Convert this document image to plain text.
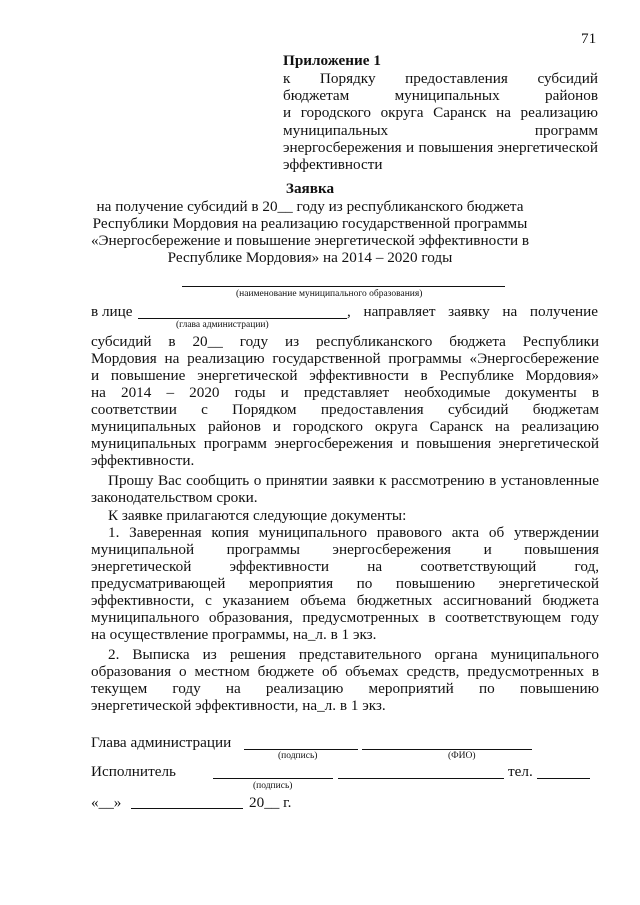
71
Приложение 1
к Порядку предоставления субсидий
бюджетам муниципальных районов
и городского округа Саранск на реализацию
муниципальных программ
энергосбережения и повышения энергетической
эффективности
Заявка
на получение субсидий в 20__ году из республиканского бюджета
Республики Мордовия на реализацию государственной программы
«Энергосбережение и повышение энергетической эффективности в
Республике Мордовия» на 2014 – 2020 годы
(наименование муниципального образования)
в лице	, направляет заявку на получение
(глава администрации)
субсидий в 20__ году из республиканского бюджета Республики
Мордовия на реализацию государственной программы «Энергосбережение
и повышение энергетической эффективности в Республике Мордовия»
на 2014 – 2020 годы и представляет необходимые документы в
соответствии с Порядком предоставления субсидий бюджетам
муниципальных районов и городского округа Саранск на реализацию
муниципальных программ энергосбережения и повышения энергетической
эффективности.
Прошу Вас сообщить о принятии заявки к рассмотрению в установленные
законодательством сроки.
К заявке прилагаются следующие документы:
1. Заверенная копия муниципального правового акта об утверждении
муниципальной программы энергосбережения и повышения
энергетической эффективности на соответствующий год,
предусматривающей мероприятия по повышению энергетической
эффективности, с указанием объема бюджетных ассигнований бюджета
муниципального образования, предусмотренных в соответствующем году
на осуществление программы, на_л. в 1 экз.
2. Выписка из решения представительного органа муниципального
образования о местном бюджете об объемах средств, предусмотренных в
текущем году на реализацию мероприятий по повышению
энергетической эффективности, на_л. в 1 экз.
Глава администрации
(подпись)	(ФИО)
Исполнитель	тел.
(подпись)
«__»	20__ г.
